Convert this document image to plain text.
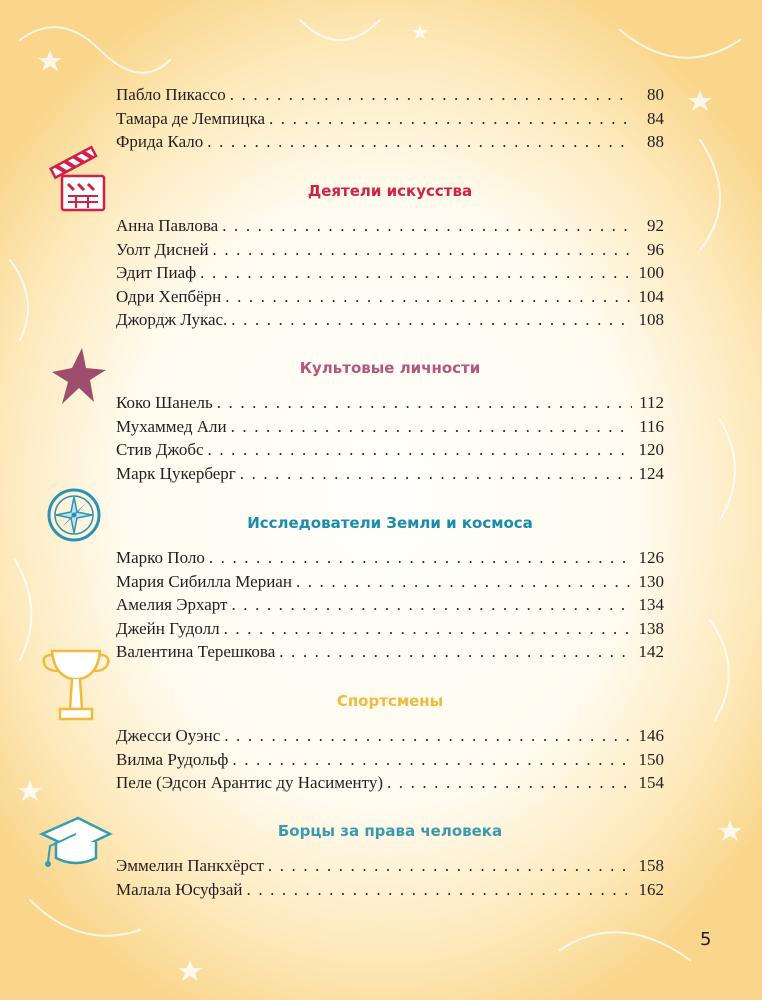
Пабло Пикассо . . .	80
Тамара де Лемпицка . . .	84
Фрида Кало . . .	88
Деятели искусства
Анна Павлова . . .	92
Уолт Дисней . . .	96
Эдит Пиаф . . .	100
Одри Хепбёрн . . .	104
Джордж Лукас. . . .	108
Культовые личности
Коко Шанель . . .	112
Мухаммед Али . . .	116
Стив Джобс . . .	120
Марк Цукерберг . . .	124
Исследователи Земли и космоса
Марко Поло . . .	126
Мария Сибилла Мериан . . .	130
Амелия Эрхарт . . .	134
Джейн Гудолл . . .	138
Валентина Терешкова . . .	142
Спортсмены
Джесси Оуэнс . . .	146
Вилма Рудольф . . .	150
Пеле (Эдсон Арантис ду Насименту) . . .	154
Борцы за права человека
Эммелин Панкхёрст . . .	158
Малала Юсуфзай . . .	162
5
